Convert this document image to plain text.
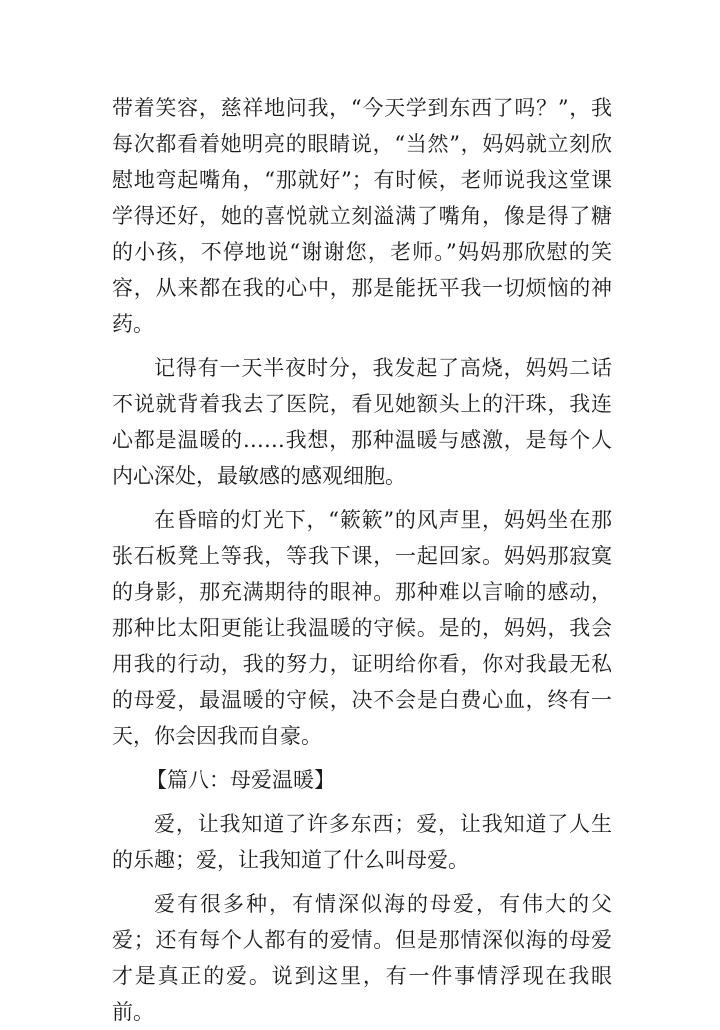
带着笑容，慈祥地问我，“今天学到东西了吗？”，我每次都看着她明亮的眼睛说，“当然”，妈妈就立刻欣慰地弯起嘴角，“那就好”；有时候，老师说我这堂课学得还好，她的喜悦就立刻溢满了嘴角，像是得了糖的小孩，不停地说“谢谢您，老师。”妈妈那欣慰的笑容，从来都在我的心中，那是能抚平我一切烦恼的神药。

记得有一天半夜时分，我发起了高烧，妈妈二话不说就背着我去了医院，看见她额头上的汗珠，我连心都是温暖的……我想，那种温暖与感激，是每个人内心深处，最敏感的感观细胞。

在昏暗的灯光下，“簌簌”的风声里，妈妈坐在那张石板凳上等我，等我下课，一起回家。妈妈那寂寞的身影，那充满期待的眼神。那种难以言喻的感动，那种比太阳更能让我温暖的守候。是的，妈妈，我会用我的行动，我的努力，证明给你看，你对我最无私的母爱，最温暖的守候，决不会是白费心血，终有一天，你会因我而自豪。

【篇八：母爱温暖】

爱，让我知道了许多东西；爱，让我知道了人生的乐趣；爱，让我知道了什么叫母爱。

爱有很多种，有情深似海的母爱，有伟大的父爱；还有每个人都有的爱情。但是那情深似海的母爱才是真正的爱。说到这里，有一件事情浮现在我眼前。
